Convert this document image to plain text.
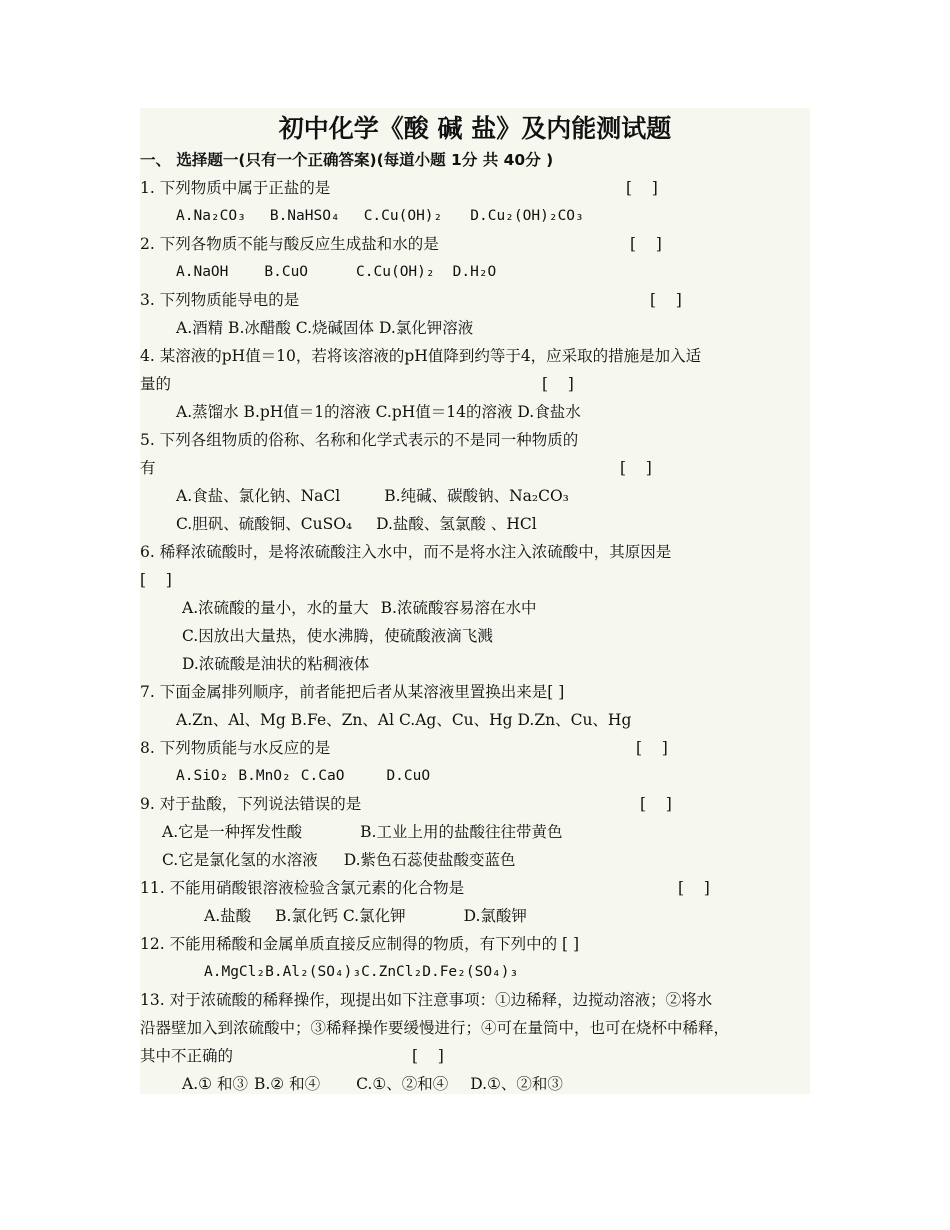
初中化学《酸 碱 盐》及内能测试题
一、 选择题一(只有一个正确答案)(每道小题 1分 共 40分 )
1. 下列物质中属于正盐的是	[    ]
A.Na₂CO₃ B.NaHSO₄ C.Cu(OH)₂ D.Cu₂(OH)₂CO₃
2. 下列各物质不能与酸反应生成盐和水的是	[    ]
A.NaOH B.CuO	C.Cu(OH)₂ D.H₂O
3. 下列物质能导电的是	[    ]
A.酒精 B.冰醋酸 C.烧碱固体 D.氯化钾溶液
4. 某溶液的pH值＝10，若将该溶液的pH值降到约等于4，应采取的措施是加入适
量的	[    ]
A.蒸馏水 B.pH值＝1的溶液 C.pH值＝14的溶液 D.食盐水
5. 下列各组物质的俗称、名称和化学式表示的不是同一种物质的
有	[    ]
A.食盐、氯化钠、NaCl	B.纯碱、碳酸钠、Na₂CO₃
C.胆矾、硫酸铜、CuSO₄ D.盐酸、氢氯酸 、HCl
6. 稀释浓硫酸时，是将浓硫酸注入水中，而不是将水注入浓硫酸中，其原因是
[    ]
A.浓硫酸的量小，水的量大 B.浓硫酸容易溶在水中
C.因放出大量热，使水沸腾，使硫酸液滴飞溅
D.浓硫酸是油状的粘稠液体
7. 下面金属排列顺序，前者能把后者从某溶液里置换出来是[ ]
A.Zn、Al、Mg B.Fe、Zn、Al C.Ag、Cu、Hg D.Zn、Cu、Hg
8. 下列物质能与水反应的是	[    ]
A.SiO₂ B.MnO₂ C.CaO	D.CuO
9. 对于盐酸，下列说法错误的是	[    ]
A.它是一种挥发性酸	B.工业上用的盐酸往往带黄色
C.它是氯化氢的水溶液 D.紫色石蕊使盐酸变蓝色
11. 不能用硝酸银溶液检验含氯元素的化合物是	[    ]
A.盐酸 B.氯化钙 C.氯化钾	D.氯酸钾
12. 不能用稀酸和金属单质直接反应制得的物质，有下列中的 [ ]
A.MgCl₂B.Al₂(SO₄)₃C.ZnCl₂D.Fe₂(SO₄)₃
13. 对于浓硫酸的稀释操作，现提出如下注意事项：①边稀释，边搅动溶液；②将水
沿器壁加入到浓硫酸中；③稀释操作要缓慢进行；④可在量筒中，也可在烧杯中稀释，
其中不正确的	[    ]
A.① 和③ B.② 和④ C.①、②和④ D.①、②和③
